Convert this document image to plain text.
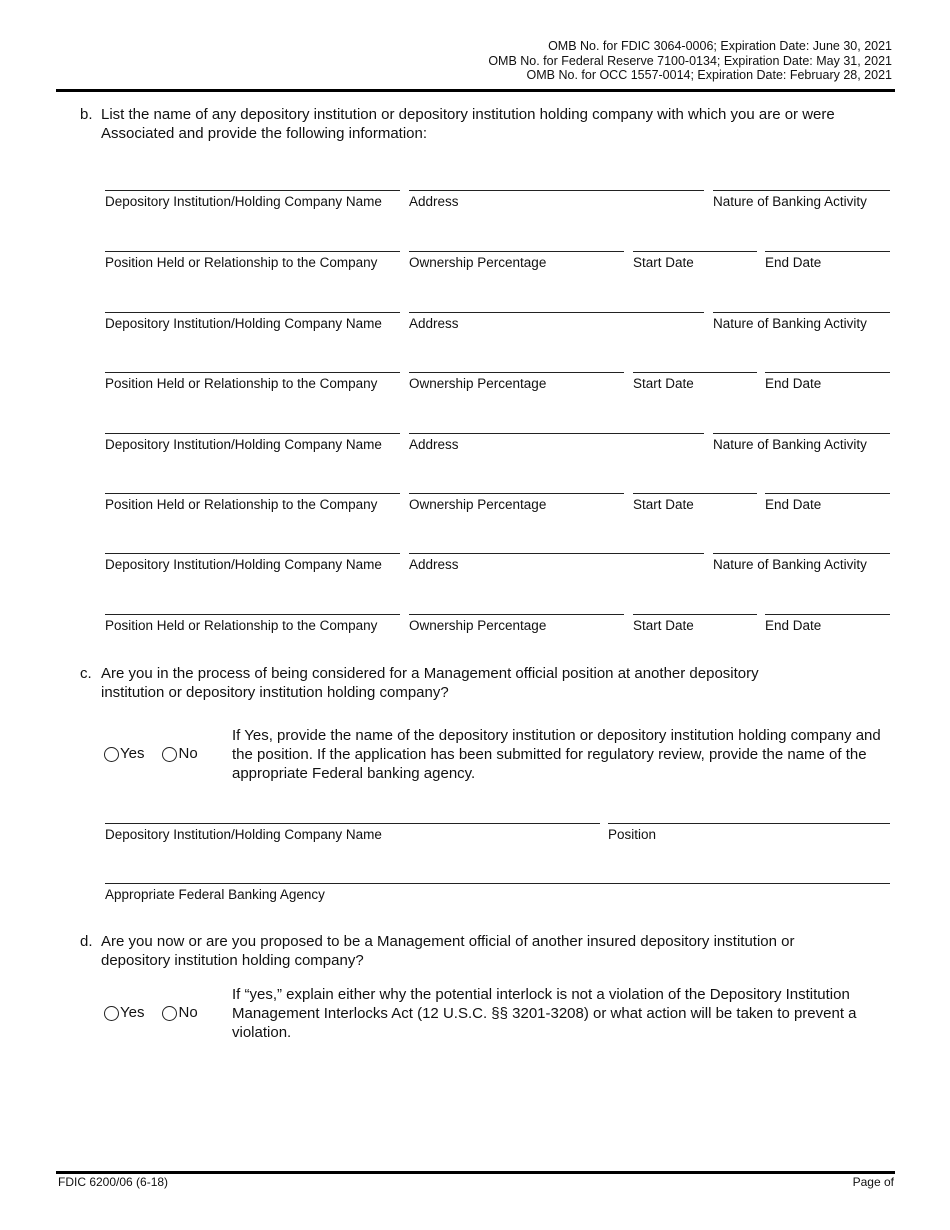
OMB No. for FDIC 3064-0006; Expiration Date: June 30, 2021
OMB No. for Federal Reserve 7100-0134; Expiration Date: May 31, 2021
OMB No. for OCC 1557-0014; Expiration Date: February 28, 2021
b. List the name of any depository institution or depository institution holding company with which you are or were Associated and provide the following information:
Depository Institution/Holding Company Name	Address	Nature of Banking Activity
Position Held or Relationship to the Company	Ownership Percentage	Start Date	End Date
Depository Institution/Holding Company Name	Address	Nature of Banking Activity
Position Held or Relationship to the Company	Ownership Percentage	Start Date	End Date
Depository Institution/Holding Company Name	Address	Nature of Banking Activity
Position Held or Relationship to the Company	Ownership Percentage	Start Date	End Date
Depository Institution/Holding Company Name	Address	Nature of Banking Activity
Position Held or Relationship to the Company	Ownership Percentage	Start Date	End Date
c. Are you in the process of being considered for a Management official position at another depository institution or depository institution holding company?
Yes No
If Yes, provide the name of the depository institution or depository institution holding company and the position. If the application has been submitted for regulatory review, provide the name of the appropriate Federal banking agency.
Depository Institution/Holding Company Name	Position
Appropriate Federal Banking Agency
d. Are you now or are you proposed to be a Management official of another insured depository institution or depository institution holding company?
Yes No
If “yes,” explain either why the potential interlock is not a violation of the Depository Institution Management Interlocks Act (12 U.S.C. §§ 3201-3208) or what action will be taken to prevent a violation.
FDIC 6200/06 (6-18)	Page of
